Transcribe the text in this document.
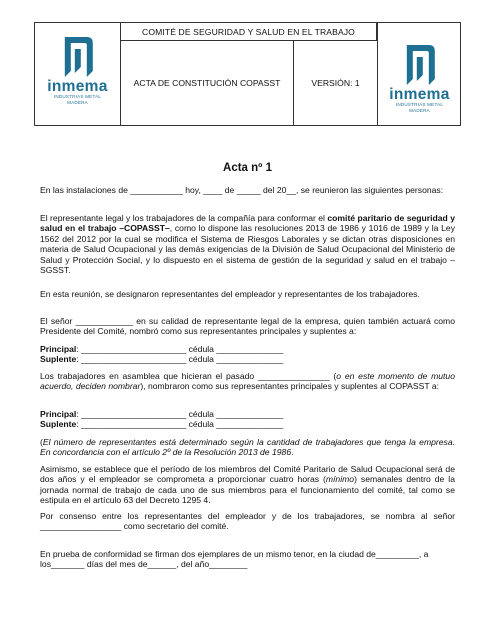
inmema
INDUSTRIAS METAL MADERA
COMITÉ DE SEGURIDAD Y SALUD EN EL TRABAJO
ACTA DE CONSTITUCIÓN COPASST	VERSIÓN: 1
inmema
INDUSTRIAS METAL MADERA
Acta nº 1
En las instalaciones de ___________ hoy, ____ de _____ del 20__, se reunieron las siguientes personas:
El representante legal y los trabajadores de la compañía para conformar el comité paritario de seguridad y salud en el trabajo –COPASST–, como lo dispone las resoluciones 2013 de 1986 y 1016 de 1989 y la Ley 1562 del 2012 por la cual se modifica el Sistema de Riesgos Laborales y se dictan otras disposiciones en materia de Salud Ocupacional y las demás exigencias de la División de Salud Ocupacional del Ministerio de Salud y Protección Social, y lo dispuesto en el sistema de gestión de la seguridad y salud en el trabajo –SGSST.
En esta reunión, se designaron representantes del empleador y representantes de los trabajadores.
El señor ____________ en su calidad de representante legal de la empresa, quien también actuará como Presidente del Comité, nombró como sus representantes principales y suplentes a:
Principal: ______________________ cédula ______________
Suplente: ______________________ cédula ______________
Los trabajadores en asamblea que hicieran el pasado _______________ (o en este momento de mutuo acuerdo, deciden nombrar), nombraron como sus representantes principales y suplentes al COPASST a:
Principal: ______________________ cédula ______________
Suplente: ______________________ cédula ______________
(El número de representantes está determinado según la cantidad de trabajadores que tenga la empresa. En concordancia con el artículo 2º de la Resolución 2013 de 1986.
Asimismo, se establece que el período de los miembros del Comité Paritario de Salud Ocupacional será de dos años y el empleador se comprometa a proporcionar cuatro horas (mínimo) semanales dentro de la jornada normal de trabajo de cada uno de sus miembros para el funcionamiento del comité, tal como se estipula en el artículo 63 del Decreto 1295 4.
Por consenso entre los representantes del empleador y de los trabajadores, se nombra al señor _________________ como secretario del comité.
En prueba de conformidad se firman dos ejemplares de un mismo tenor, en la ciudad de_________, a los_______ días del mes de______, del año________
